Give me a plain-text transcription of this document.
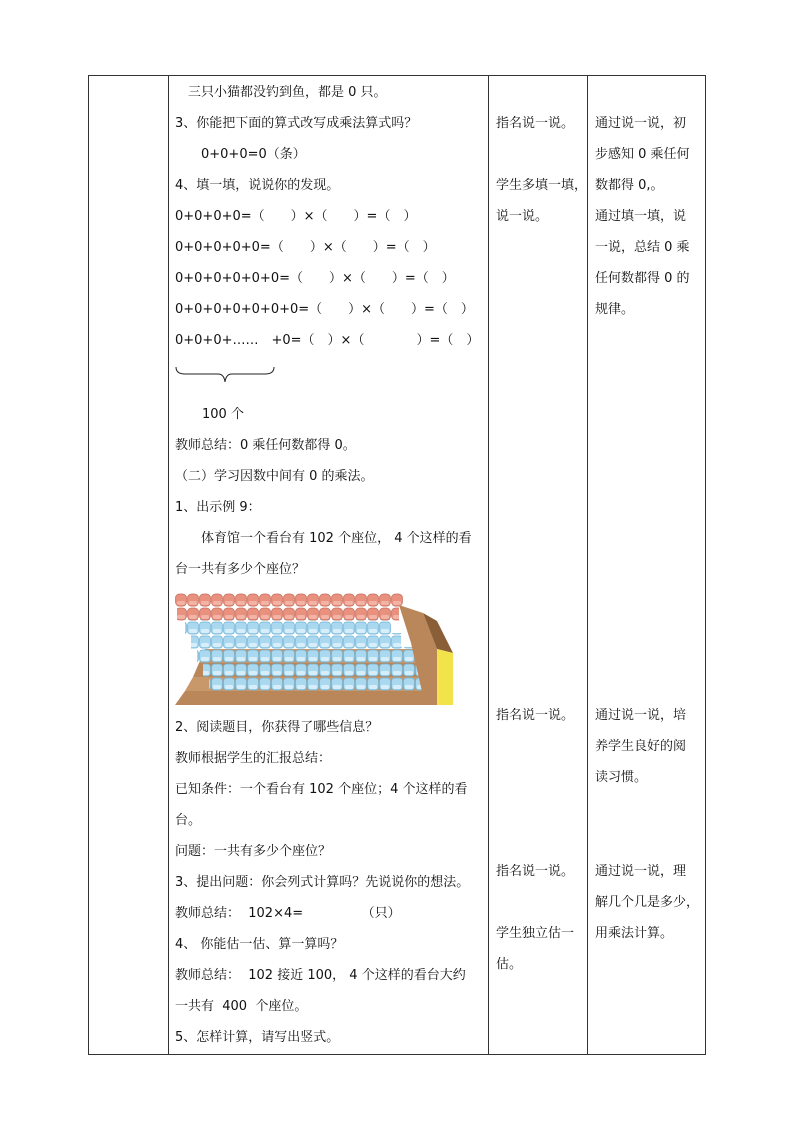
　三只小猫都没钓到鱼，都是 0 只。
3、你能把下面的算式改写成乘法算式吗？
0+0+0=0（条）
4、填一填，说说你的发现。
0+0+0+0=（　　）×（　　）=（　）
0+0+0+0+0=（　　）×（　　）=（　）
0+0+0+0+0+0=（　　）×（　　）=（　）
0+0+0+0+0+0+0=（　　）×（　　）=（　）
0+0+0+……　+0=（　）×（　　　　）=（　）
100 个
教师总结：0 乘任何数都得 0。
（二）学习因数中间有 0 的乘法。
1、出示例 9：
　　体育馆一个看台有 102 个座位， 4 个这样的看
台一共有多少个座位？
2、阅读题目，你获得了哪些信息？
教师根据学生的汇报总结：
已知条件：一个看台有 102 个座位；4 个这样的看
台。
问题：一共有多少个座位？
3、提出问题：你会列式计算吗？先说说你的想法。
教师总结：  102×4=　　　　　（只）
4、 你能估一估、算一算吗？
教师总结：  102 接近 100， 4 个这样的看台大约
一共有  400  个座位。
5、怎样计算，请写出竖式。
指名说一说。
学生多填一填，
说一说。
指名说一说。
指名说一说。
学生独立估一
估。
通过说一说，初
步感知 0 乘任何
数都得 0,。
通过填一填，说
一说，总结 0 乘
任何数都得 0 的
规律。
通过说一说，培
养学生良好的阅
读习惯。
通过说一说，理
解几个几是多少，
用乘法计算。
